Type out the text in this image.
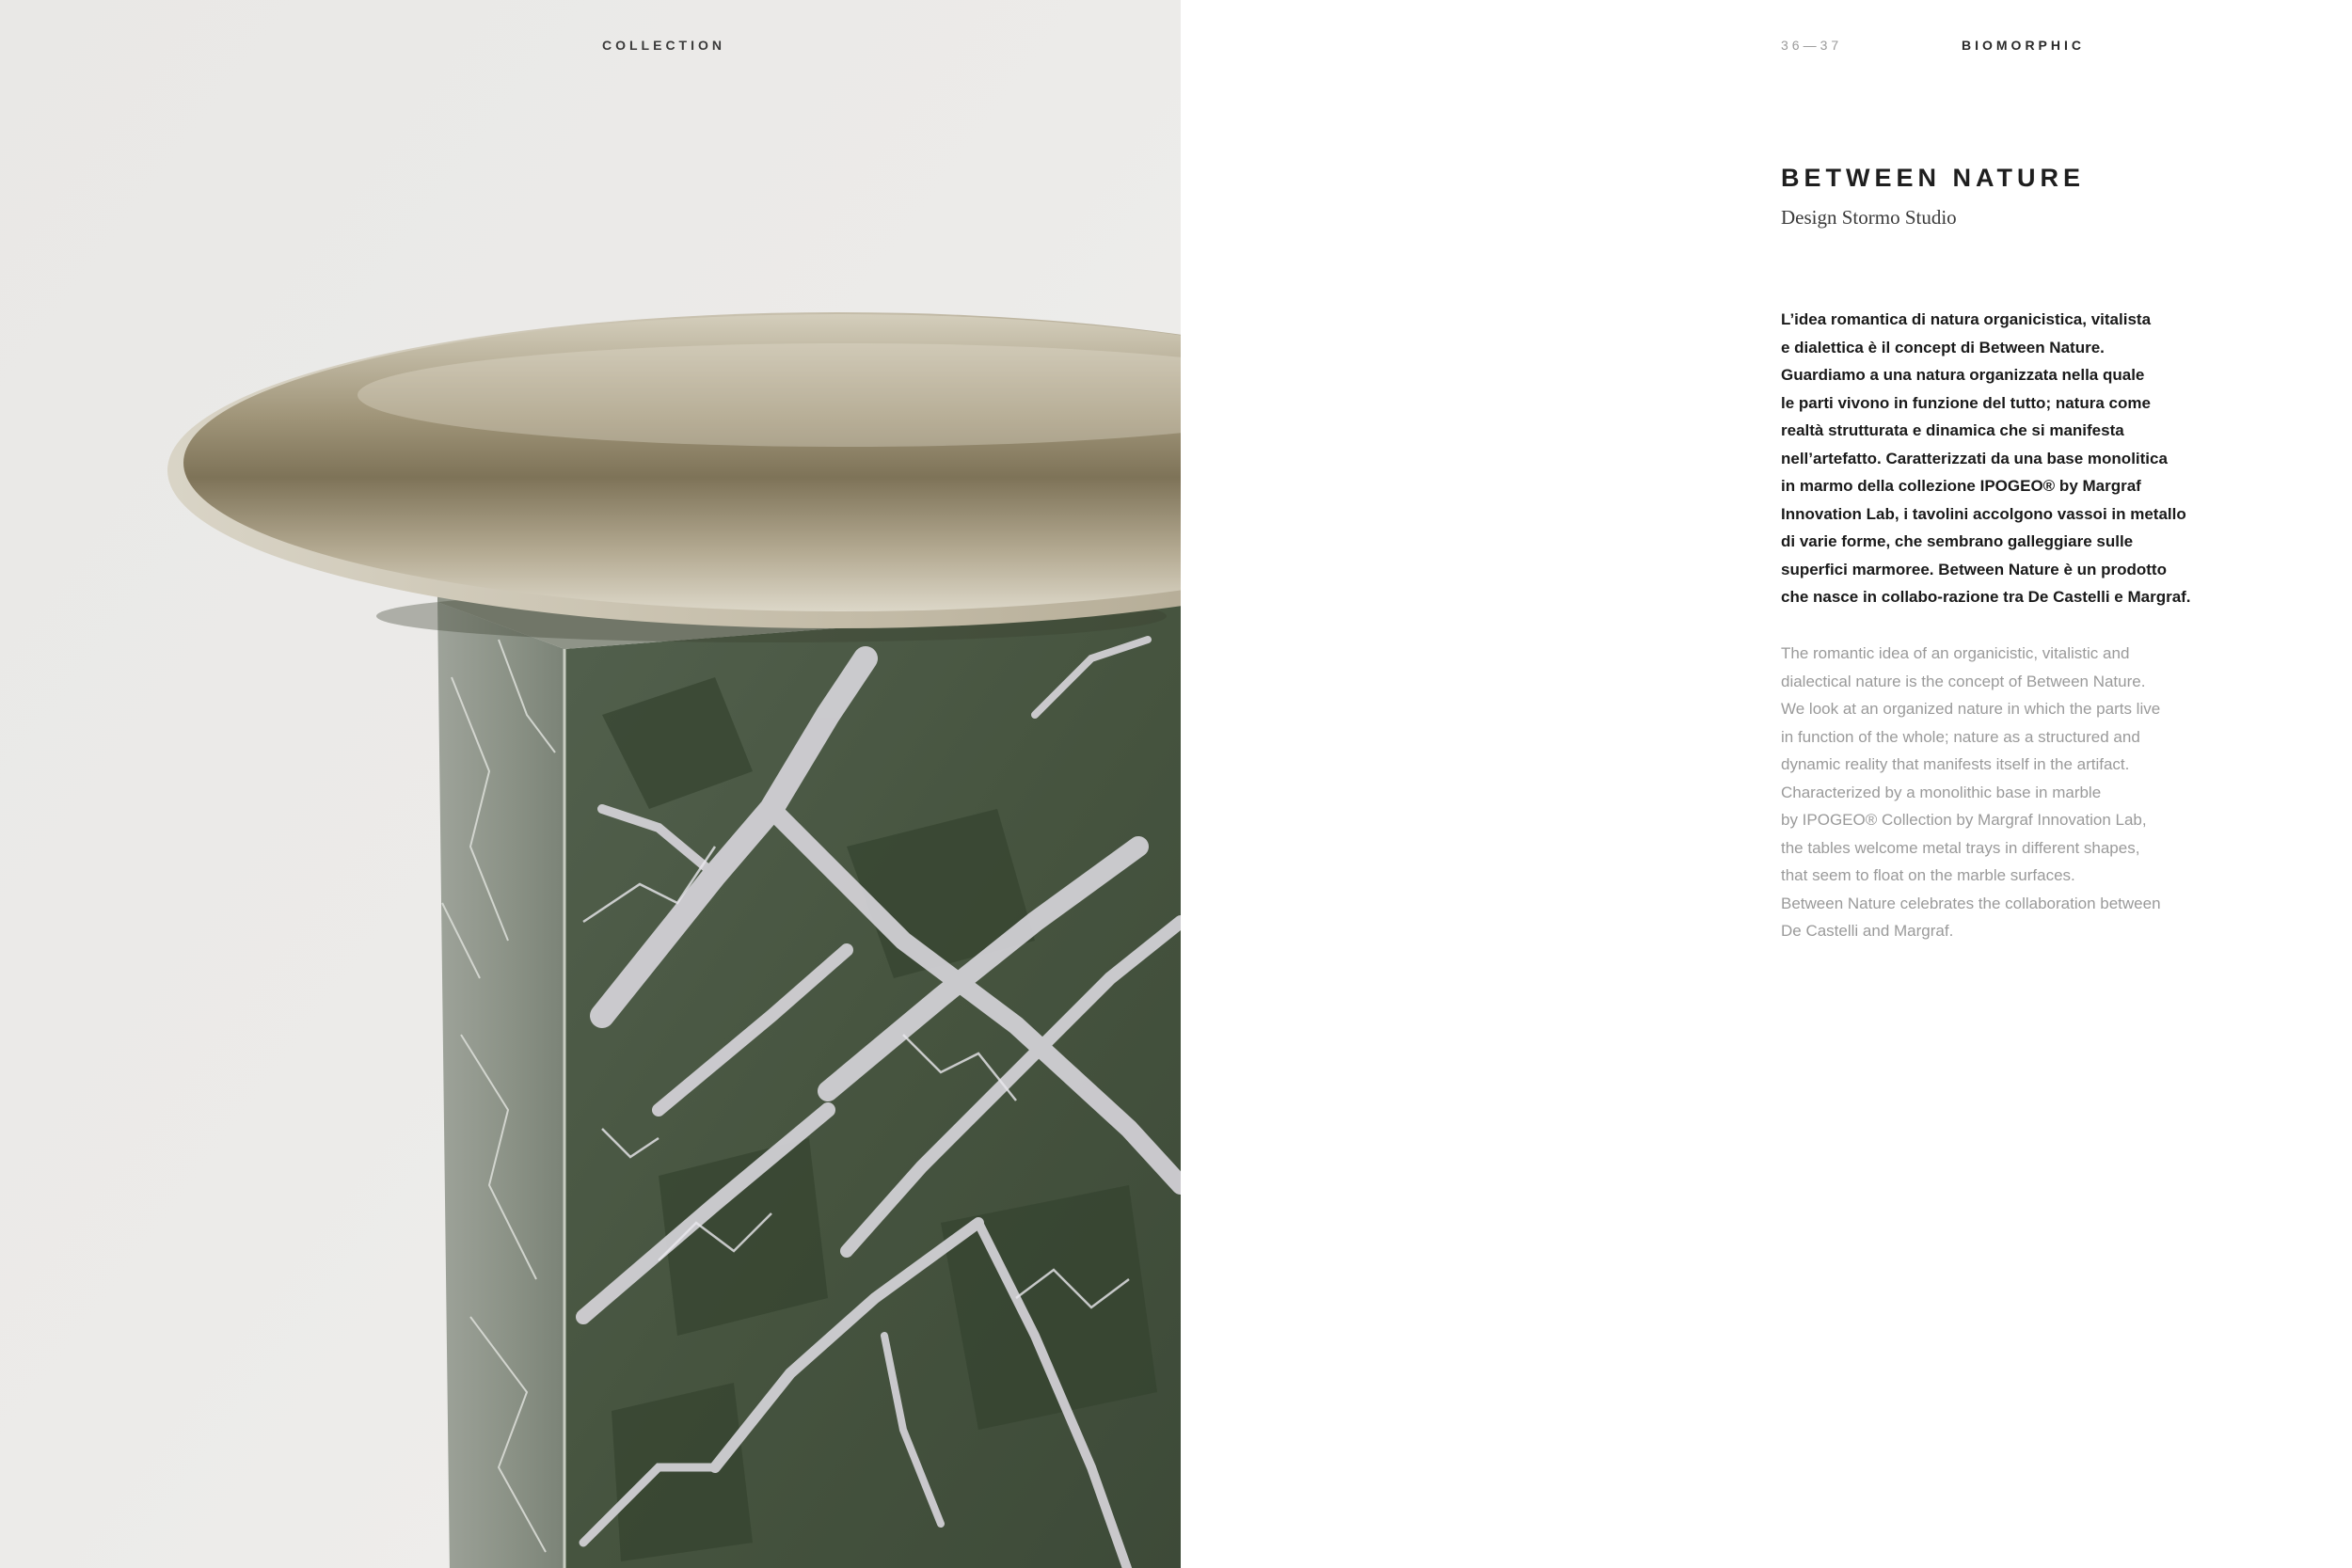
COLLECTION	36—37	BIOMORPHIC
BETWEEN NATURE
Design Stormo Studio
L’idea romantica di natura organicistica, vitalista
e dialettica è il concept di Between Nature.
Guardiamo a una natura organizzata nella quale
le parti vivono in funzione del tutto; natura come
realtà strutturata e dinamica che si manifesta
nell’artefatto. Caratterizzati da una base monolitica
in marmo della collezione IPOGEO® by Margraf
Innovation Lab, i tavolini accolgono vassoi in metallo
di varie forme, che sembrano galleggiare sulle
superfici marmoree. Between Nature è un prodotto
che nasce in collabo-razione tra De Castelli e Margraf.
The romantic idea of an organicistic, vitalistic and
dialectical nature is the concept of Between Nature.
We look at an organized nature in which the parts live
in function of the whole; nature as a structured and
dynamic reality that manifests itself in the artifact.
Characterized by a monolithic base in marble
by IPOGEO® Collection by Margraf Innovation Lab,
the tables welcome metal trays in different shapes,
that seem to float on the marble surfaces.
Between Nature celebrates the collaboration between
De Castelli and Margraf.
